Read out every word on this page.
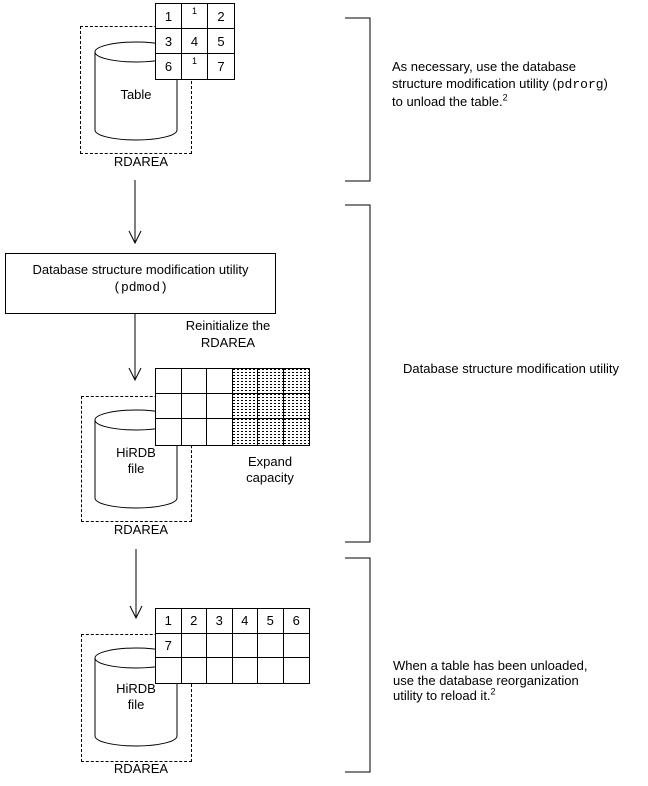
1	1	2
3	4	5
6	1	7
1	2	3	4	5	6
7
Table
HiRDB
file
HiRDB
file
RDAREA
RDAREA
RDAREA
Database structure modification utility
(pdmod)
Reinitialize the
RDAREA
Expand
capacity
As necessary, use the database
structure modification utility (pdrorg)
to unload the table.$^2$
Database structure modification utility
When a table has been unloaded,
use the database reorganization
utility to reload it.$^2$
